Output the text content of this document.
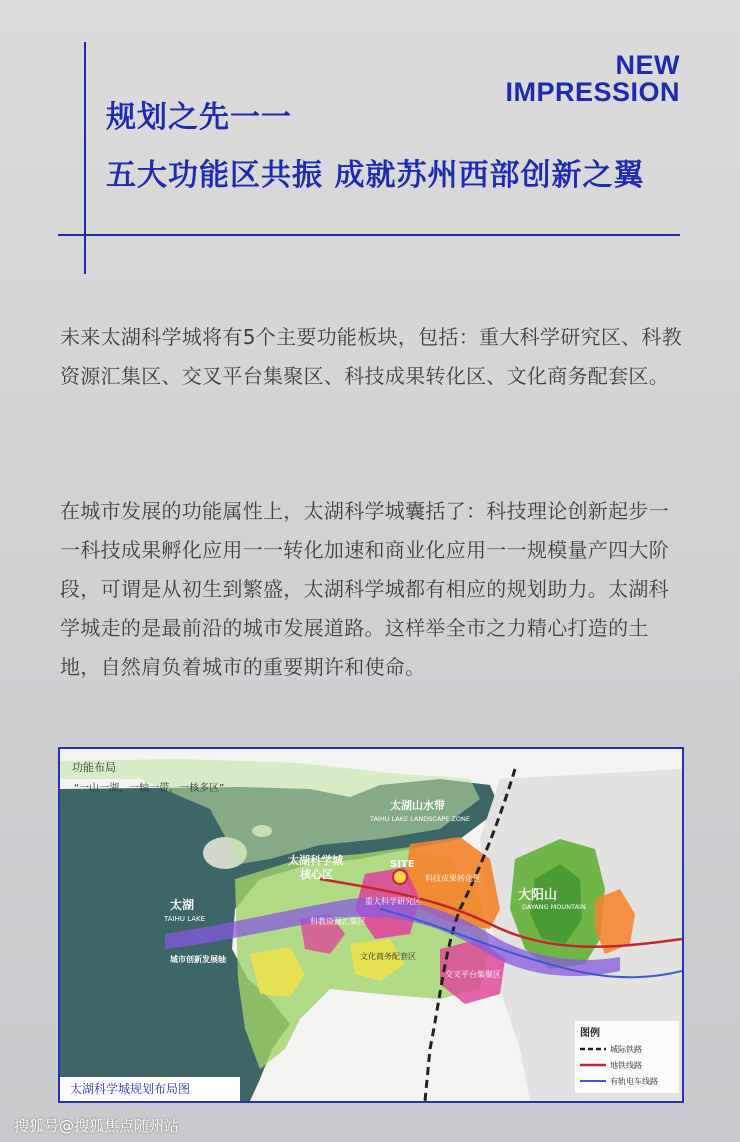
NEW
IMPRESSION
规划之先一一
五大功能区共振 成就苏州西部创新之翼
未来太湖科学城将有5个主要功能板块，包括：重大科学研究区、科教资源汇集区、交叉平台集聚区、科技成果转化区、文化商务配套区。
在城市发展的功能属性上，太湖科学城囊括了：科技理论创新起步一一科技成果孵化应用一一转化加速和商业化应用一一规模量产四大阶段，可谓是从初生到繁盛，太湖科学城都有相应的规划助力。太湖科学城走的是最前沿的城市发展道路。这样举全市之力精心打造的土地，自然肩负着城市的重要期许和使命。
功能布局
“一山一湖，一轴一带，一核多区”
太湖山水带
TAIHU LAKE LANDSCAPE ZONE
太湖科学城
核心区
SITE
科技成果转化区
重大科学研究区
科教资源汇集区
城市创新发展轴	文化商务配套区
交叉平台集聚区
太湖
TAIHU LAKE
大阳山
DAYANG MOUNTAIN
图例
城际铁路
地铁线路
有轨电车线路
太湖科学城规划布局图
搜狐号@搜狐焦点随州站
